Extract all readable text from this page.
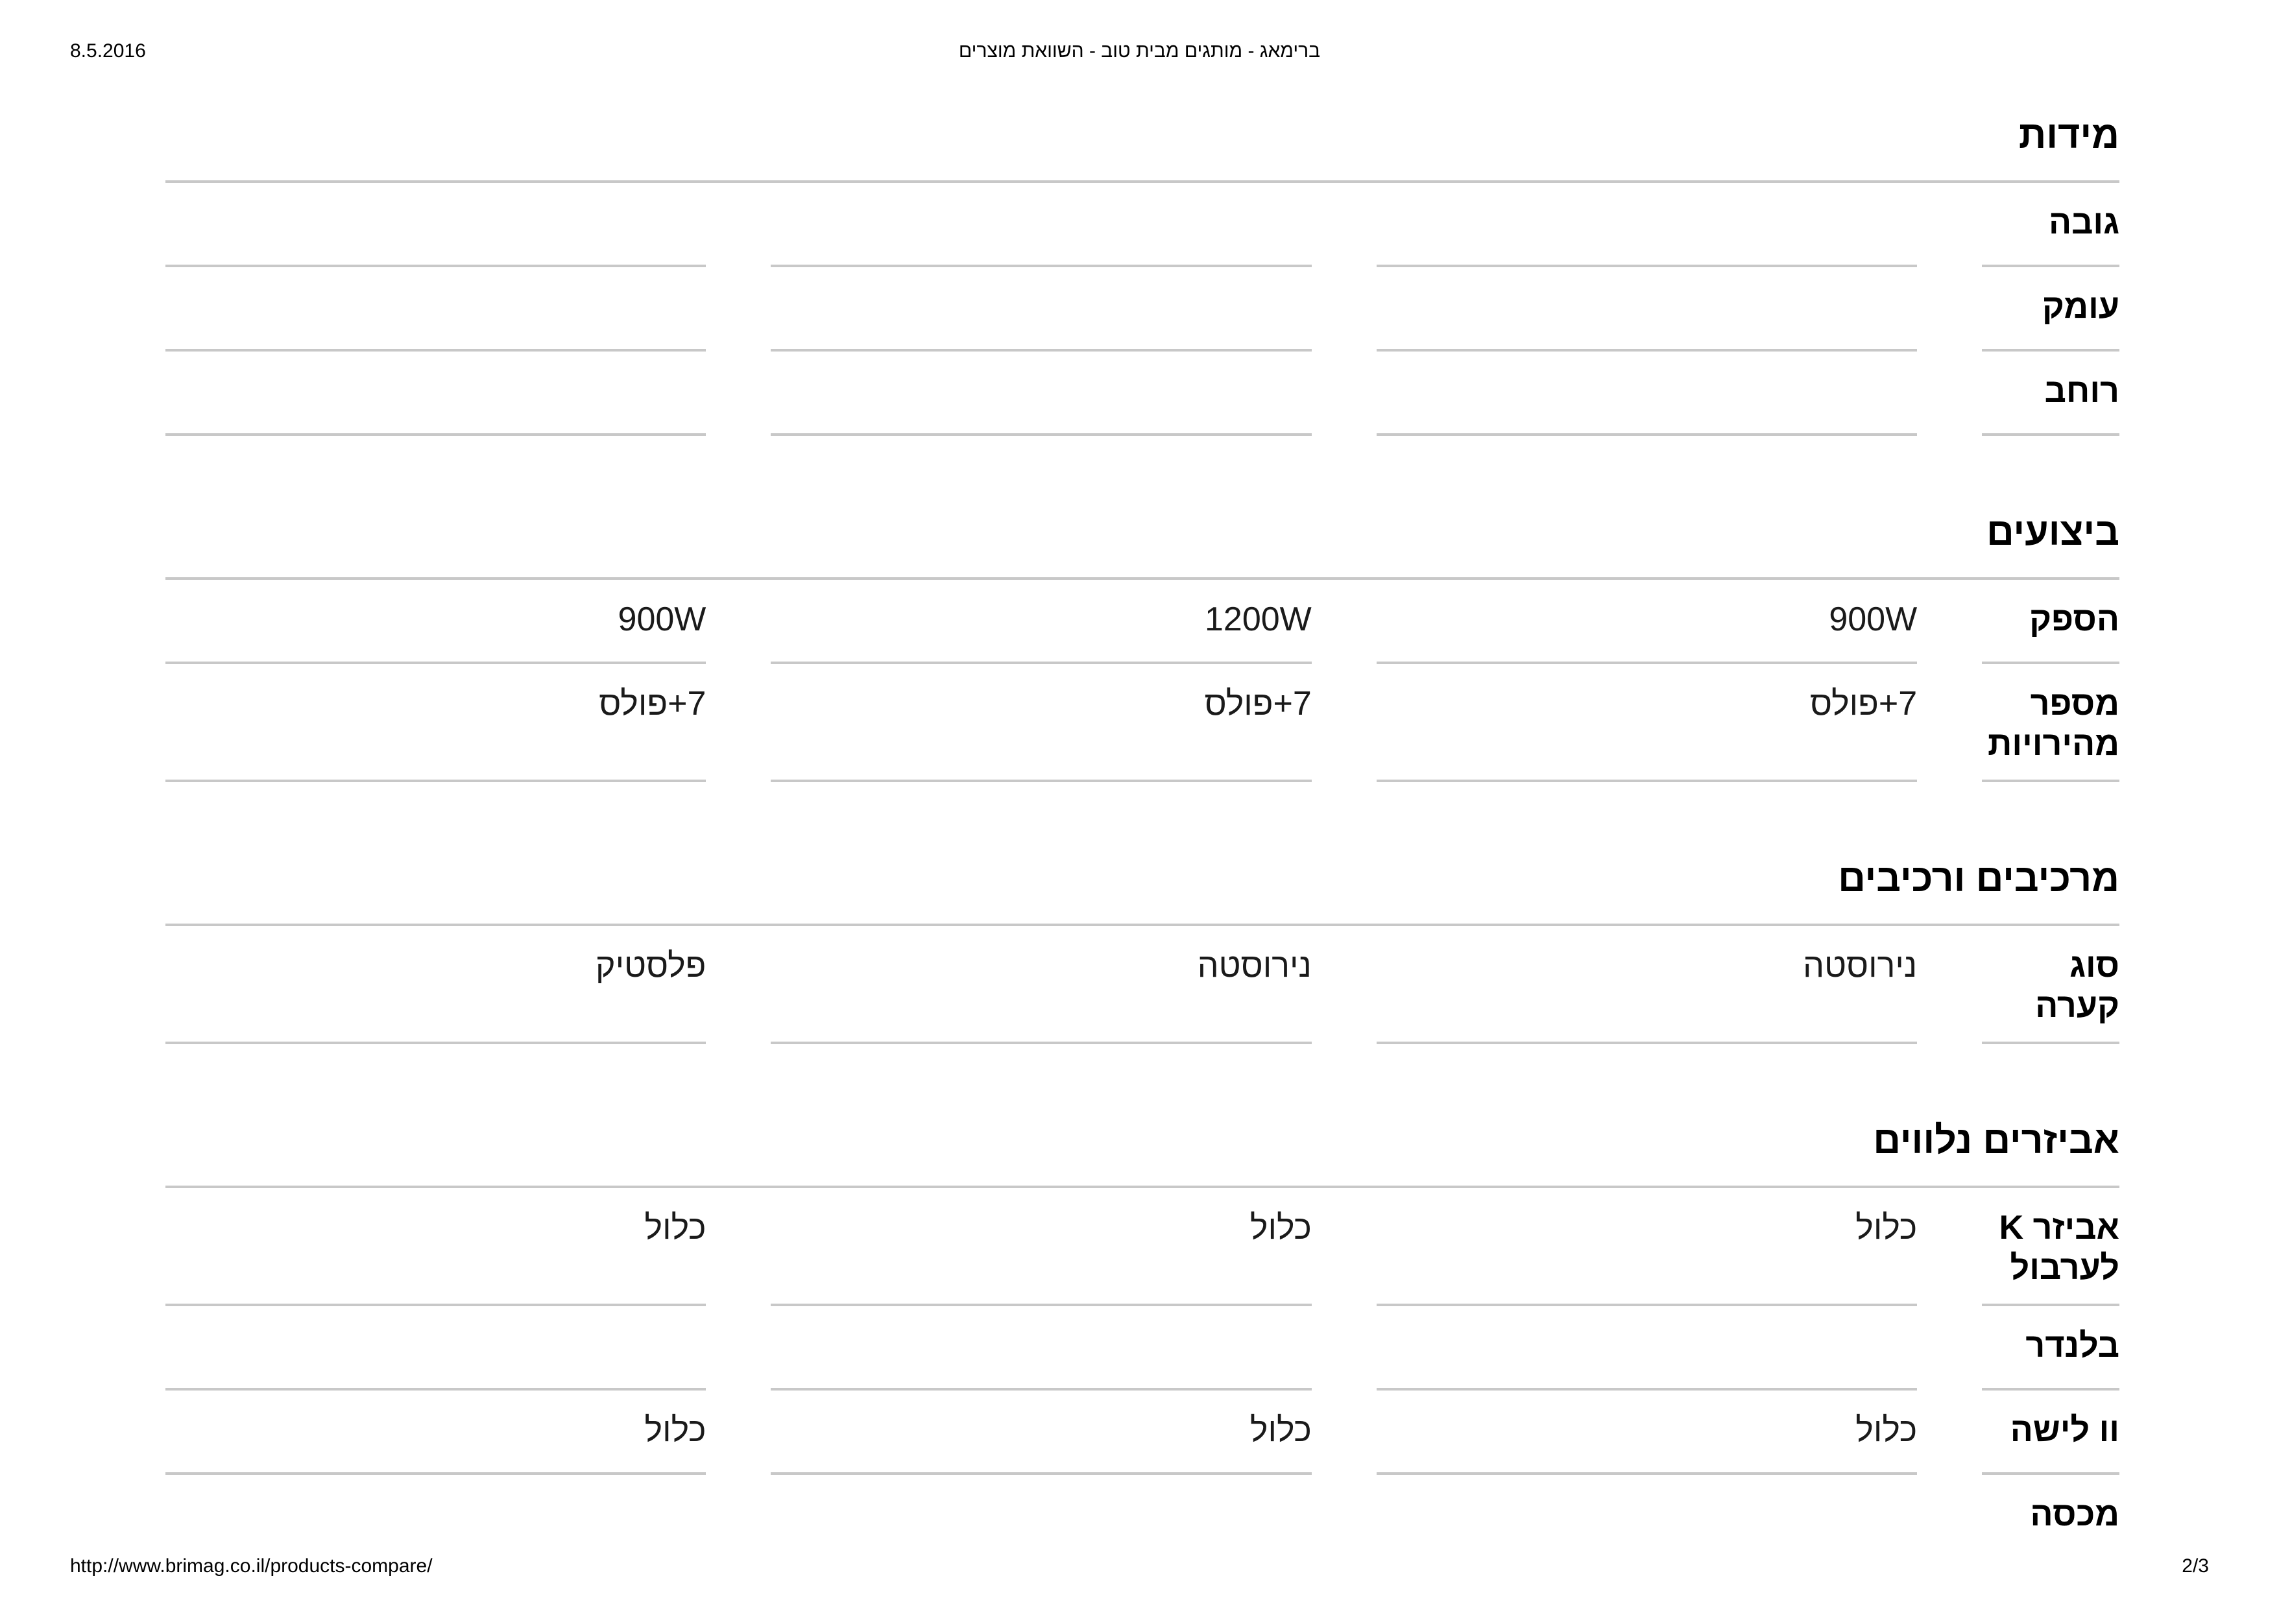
8.5.2016	ברימאג - מותגים מבית טוב - השוואת מוצרים
מידות
גובה
עומק
רוחב
ביצועים
הספק
900W
1200W
900W
מספר מהירויות
7+פולס
7+פולס
7+פולס
מרכיבים ורכיבים
סוג קערה
נירוסטה
נירוסטה
פלסטיק
אביזרים נלווים
אביזר K לערבול
כלול
כלול
כלול
בלנדר
וו לישה
כלול
כלול
כלול
מכסה
http://www.brimag.co.il/products-compare/	2/3
